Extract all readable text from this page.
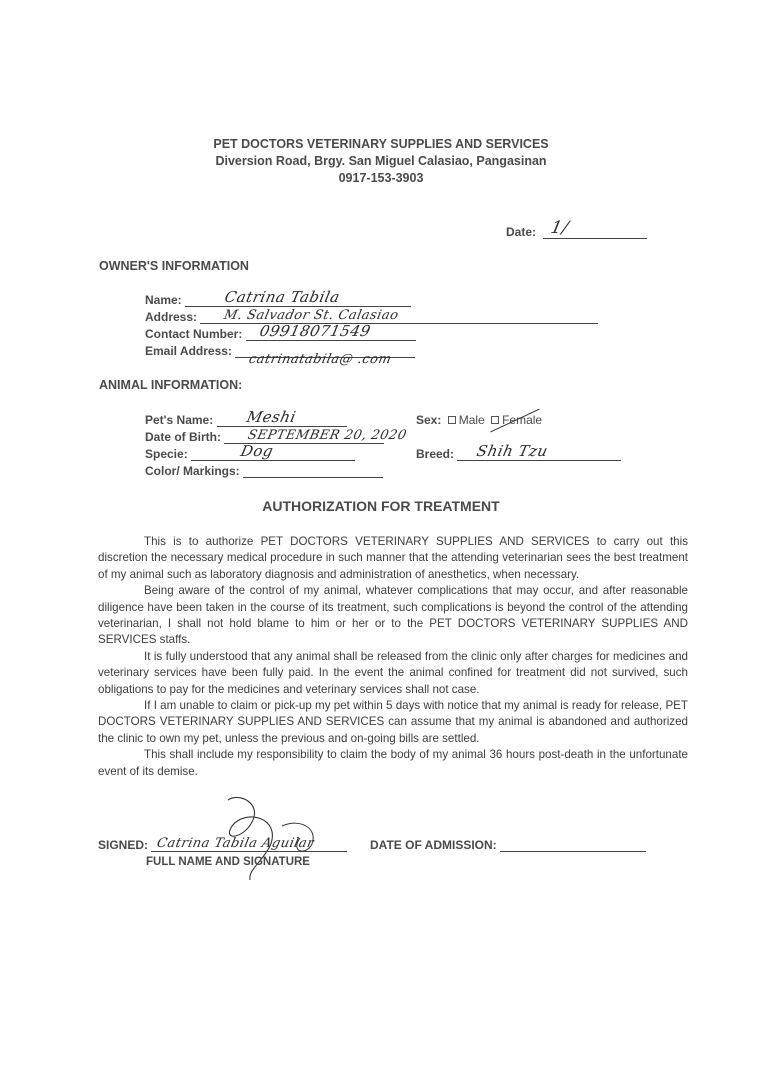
PET DOCTORS VETERINARY SUPPLIES AND SERVICES
Diversion Road, Brgy. San Miguel Calasiao, Pangasinan
0917-153-3903
Date: 1/
OWNER'S INFORMATION
Name:	Catrina Tabila
Address: M. Salvador St. Calasiao
Contact Number: 09918071549
Email Address:
catrinatabila@ .com
ANIMAL INFORMATION:
Pet's Name: Meshi
Date of Birth: SEPTEMBER 20, 2020
Specie:	Dog
Color/ Markings:
Sex: Male Female
Breed: Shih Tzu
AUTHORIZATION FOR TREATMENT

This is to authorize PET DOCTORS VETERINARY SUPPLIES AND SERVICES to carry out this discretion the necessary medical procedure in such manner that the attending veterinarian sees the best treatment of my animal such as laboratory diagnosis and administration of anesthetics, when necessary.

Being aware of the control of my animal, whatever complications that may occur, and after reasonable diligence have been taken in the course of its treatment, such complications is beyond the control of the attending veterinarian, I shall not hold blame to him or her or to the PET DOCTORS VETERINARY SUPPLIES AND SERVICES staffs.

It is fully understood that any animal shall be released from the clinic only after charges for medicines and veterinary services have been fully paid. In the event the animal confined for treatment did not survived, such obligations to pay for the medicines and veterinary services shall not case.

If I am unable to claim or pick-up my pet within 5 days with notice that my animal is ready for release, PET DOCTORS VETERINARY SUPPLIES AND SERVICES can assume that my animal is abandoned and authorized the clinic to own my pet, unless the previous and on-going bills are settled.

This shall include my responsibility to claim the body of my animal 36 hours post-death in the unfortunate event of its demise.

SIGNED: Catrina Tabila Aguilar
FULL NAME AND SIGNATURE
DATE OF ADMISSION:
